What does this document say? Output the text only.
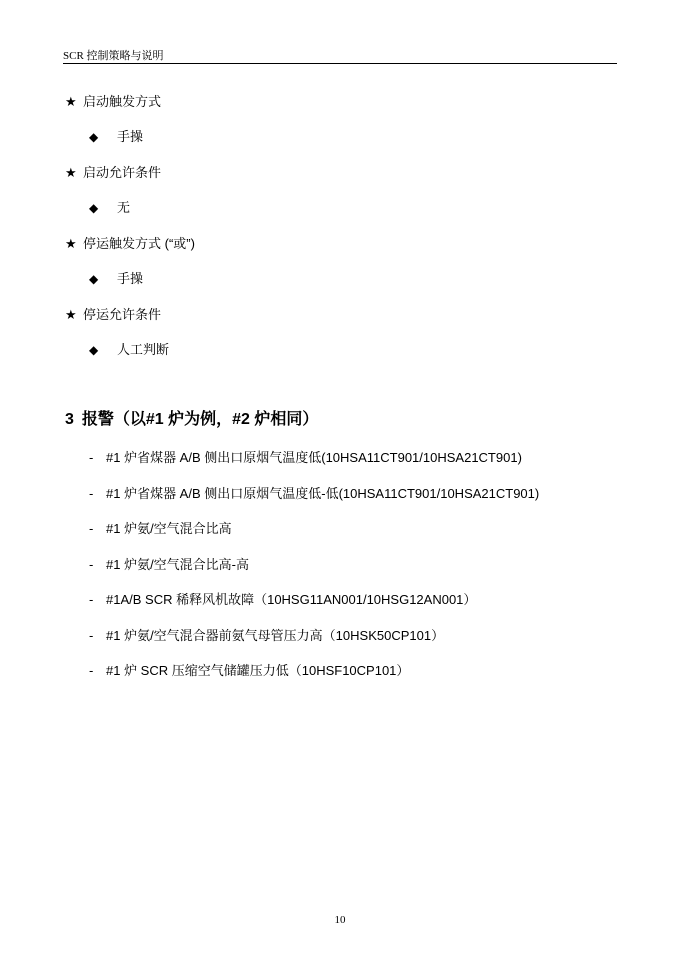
SCR 控制策略与说明
★ 启动触发方式
◆ 手操
★ 启动允许条件
◆ 无
★ 停运触发方式 (“或”)
◆ 手操
★ 停运允许条件
◆ 人工判断
3 报警（以#1 炉为例，#2 炉相同）
- #1 炉省煤器 A/B 侧出口原烟气温度低(10HSA11CT901/10HSA21CT901)
- #1 炉省煤器 A/B 侧出口原烟气温度低-低(10HSA11CT901/10HSA21CT901)
- #1 炉氨/空气混合比高
- #1 炉氨/空气混合比高-高
- #1A/B SCR 稀释风机故障（10HSG11AN001/10HSG12AN001）
- #1 炉氨/空气混合器前氨气母管压力高（10HSK50CP101）
- #1 炉 SCR 压缩空气储罐压力低（10HSF10CP101）
10
